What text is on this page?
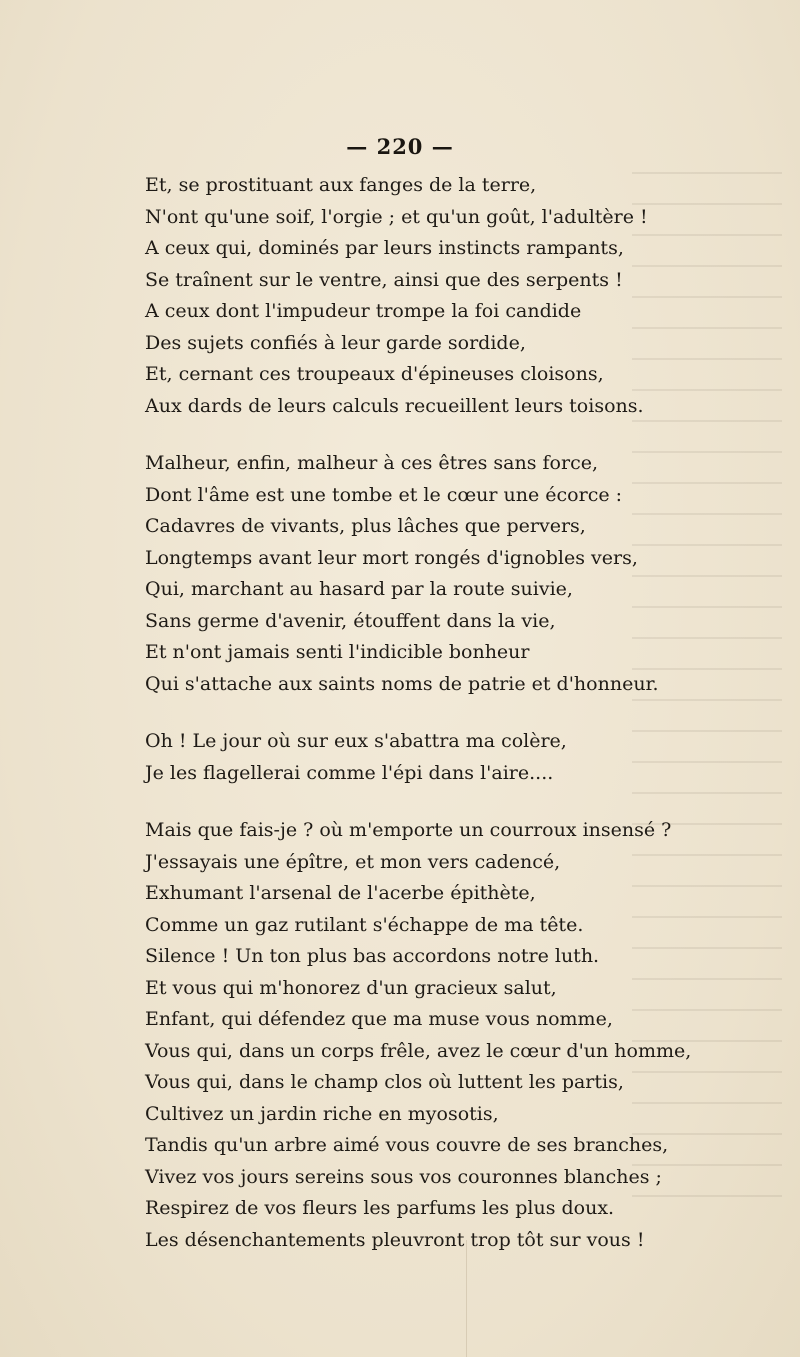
— 220 —
Et, se prostituant aux fanges de la terre,
N'ont qu'une soif, l'orgie ; et qu'un goût, l'adultère !
A ceux qui, dominés par leurs instincts rampants,
Se traînent sur le ventre, ainsi que des serpents !
A ceux dont l'impudeur trompe la foi candide
Des sujets confiés à leur garde sordide,
Et, cernant ces troupeaux d'épineuses cloisons,
Aux dards de leurs calculs recueillent leurs toisons.
Malheur, enfin, malheur à ces êtres sans force,
Dont l'âme est une tombe et le cœur une écorce :
Cadavres de vivants, plus lâches que pervers,
Longtemps avant leur mort rongés d'ignobles vers,
Qui, marchant au hasard par la route suivie,
Sans germe d'avenir, étouffent dans la vie,
Et n'ont jamais senti l'indicible bonheur
Qui s'attache aux saints noms de patrie et d'honneur.
Oh ! Le jour où sur eux s'abattra ma colère,
Je les flagellerai comme l'épi dans l'aire....
Mais que fais-je ? où m'emporte un courroux insensé ?
J'essayais une épître, et mon vers cadencé,
Exhumant l'arsenal de l'acerbe épithète,
Comme un gaz rutilant s'échappe de ma tête.
Silence ! Un ton plus bas accordons notre luth.
Et vous qui m'honorez d'un gracieux salut,
Enfant, qui défendez que ma muse vous nomme,
Vous qui, dans un corps frêle, avez le cœur d'un homme,
Vous qui, dans le champ clos où luttent les partis,
Cultivez un jardin riche en myosotis,
Tandis qu'un arbre aimé vous couvre de ses branches,
Vivez vos jours sereins sous vos couronnes blanches ;
Respirez de vos fleurs les parfums les plus doux.
Les désenchantements pleuvront trop tôt sur vous !
